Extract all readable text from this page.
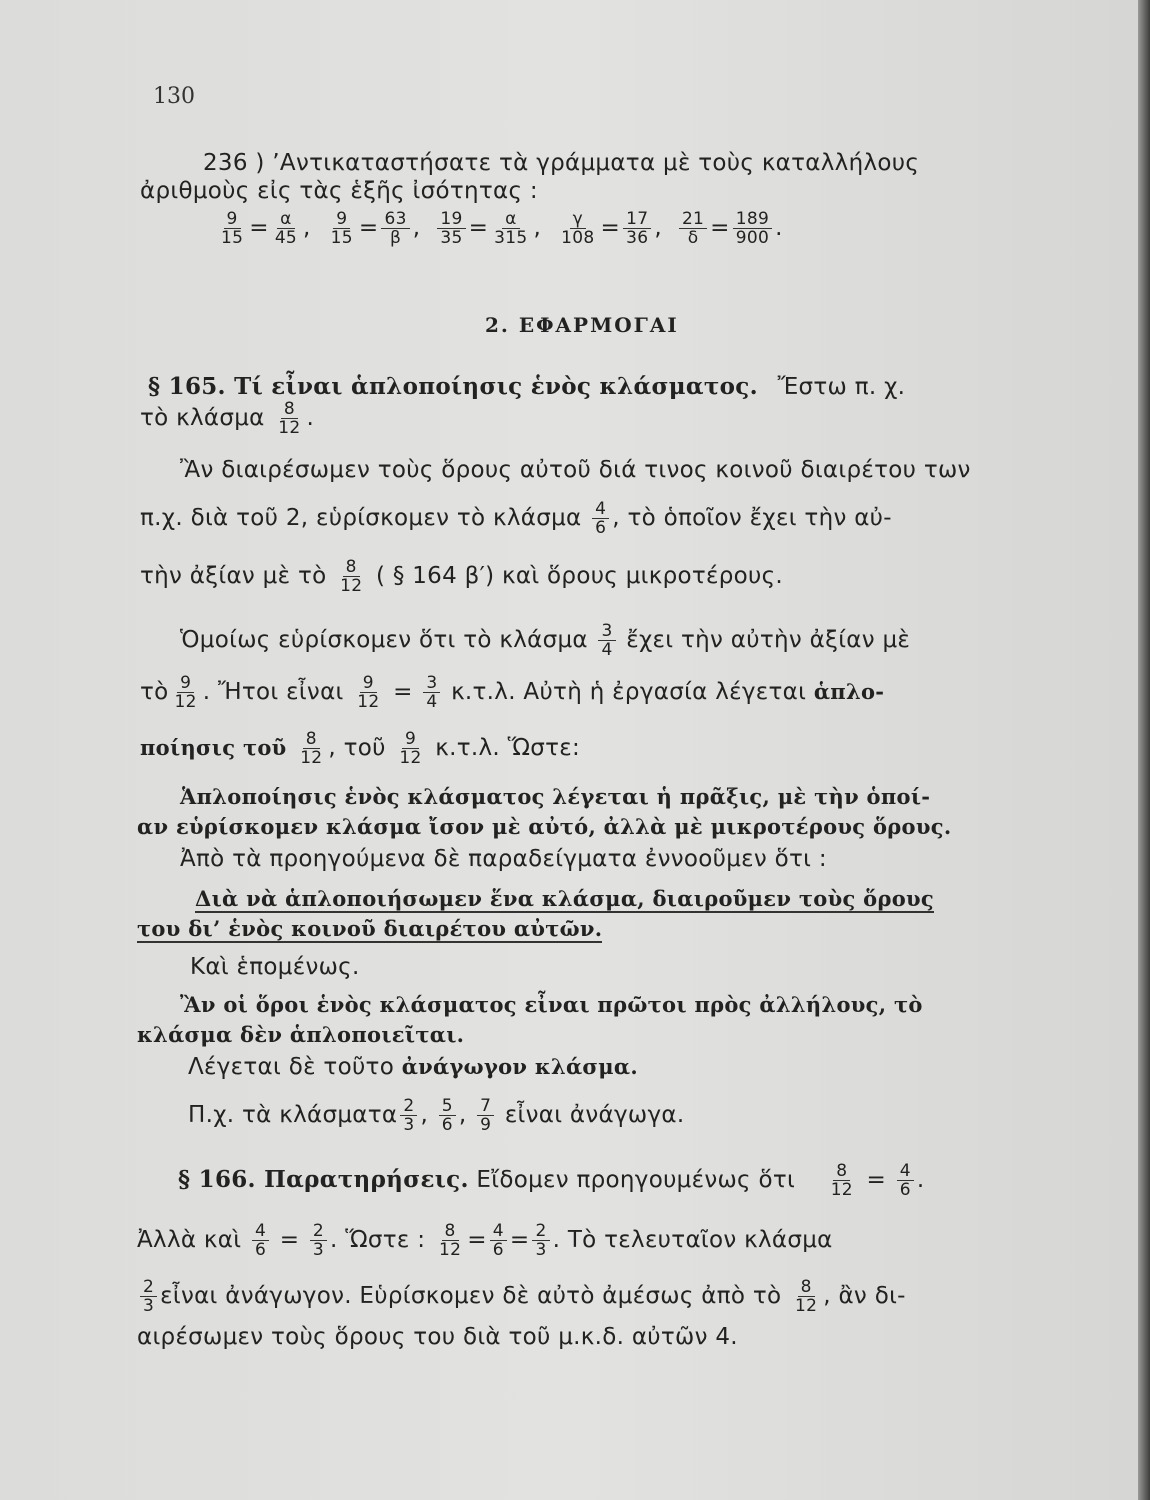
130
236 ) ’Αντικαταστήσατε τὰ γράμματα μὲ τοὺς καταλλήλους
ἀριθμοὺς εἰς τὰς ἑξῆς ἰσότητας :
$\frac{9}{15} = \frac{\alpha}{45}$ , $\frac{9}{15} = \frac{63}{\beta}$ , $\frac{19}{35} = \frac{\alpha}{315}$ , $\frac{\gamma}{108} = \frac{17}{36}$ , $\frac{21}{\delta} = \frac{189}{900}$ .
2. ΕΦΑΡΜΟΓΑΙ
§ 165. Τί εἶναι ἁπλοποίησις ἑνὸς κλάσματος. Ἔστω π. χ.
τὸ κλάσμα $\frac{8}{12}$ .
Ἂν διαιρέσωμεν τοὺς ὅρους αὐτοῦ διά τινος κοινοῦ διαιρέτου των
π.χ. διὰ τοῦ 2, εὑρίσκομεν τὸ κλάσμα $\frac{4}{6}$ , τὸ ὁποῖον ἔχει τὴν αὐ-
τὴν ἀξίαν μὲ τὸ $\frac{8}{12}$ ( § 164 β′) καὶ ὅρους μικροτέρους.
Ὁμοίως εὑρίσκομεν ὅτι τὸ κλάσμα $\frac{3}{4}$ ἔχει τὴν αὐτὴν ἀξίαν μὲ
τὸ $\frac{9}{12}$ . Ἤτοι εἶναι $\frac{9}{12} = \frac{3}{4} \kappa.\tau.\lambda$. Αὐτὴ ἡ ἐργασία λέγεται ἁπλο-
ποίησις τοῦ $\frac{8}{12}$ , τοῦ $\frac{9}{12} \kappa.\tau.\lambda$. Ὥστε:
Ἁπλοποίησις ἑνὸς κλάσματος λέγεται ἡ πρᾶξις, μὲ τὴν ὁποί-
αν εὑρίσκομεν κλάσμα ἴσον μὲ αὐτό, ἀλλὰ μὲ μικροτέρους ὅρους.
Ἀπὸ τὰ προηγούμενα δὲ παραδείγματα ἐννοοῦμεν ὅτι :
Διὰ νὰ ἁπλοποιήσωμεν ἕνα κλάσμα, διαιροῦμεν τοὺς ὅρους
του δι’ ἑνὸς κοινοῦ διαιρέτου αὐτῶν.
Καὶ ἑπομένως.
Ἂν οἱ ὅροι ἑνὸς κλάσματος εἶναι πρῶτοι πρὸς ἀλλήλους, τὸ
κλάσμα δὲν ἁπλοποιεῖται.
Λέγεται δὲ τοῦτο ἀνάγωγον κλάσμα.
Π.χ. τὰ κλάσματα $\frac{2}{3}$ , $\frac{5}{6}$ , $\frac{7}{9}$ εἶναι ἀνάγωγα.
§ 166. Παρατηρήσεις. Εἴδομεν προηγουμένως ὅτι $\frac{8}{12} = \frac{4}{6}$ .
Ἀλλὰ καὶ $\frac{4}{6} = \frac{2}{3}$ . Ὥστε : $\frac{8}{12} = \frac{4}{6} = \frac{2}{3}$ . Τὸ τελευταῖον κλάσμα
$\frac{2}{3}$ εἶναι ἀνάγωγον. Εὑρίσκομεν δὲ αὐτὸ ἀμέσως ἀπὸ τὸ $\frac{8}{12}$ , ἂν δι-
αιρέσωμεν τοὺς ὅρους του διὰ τοῦ μ.κ.δ. αὐτῶν 4.
